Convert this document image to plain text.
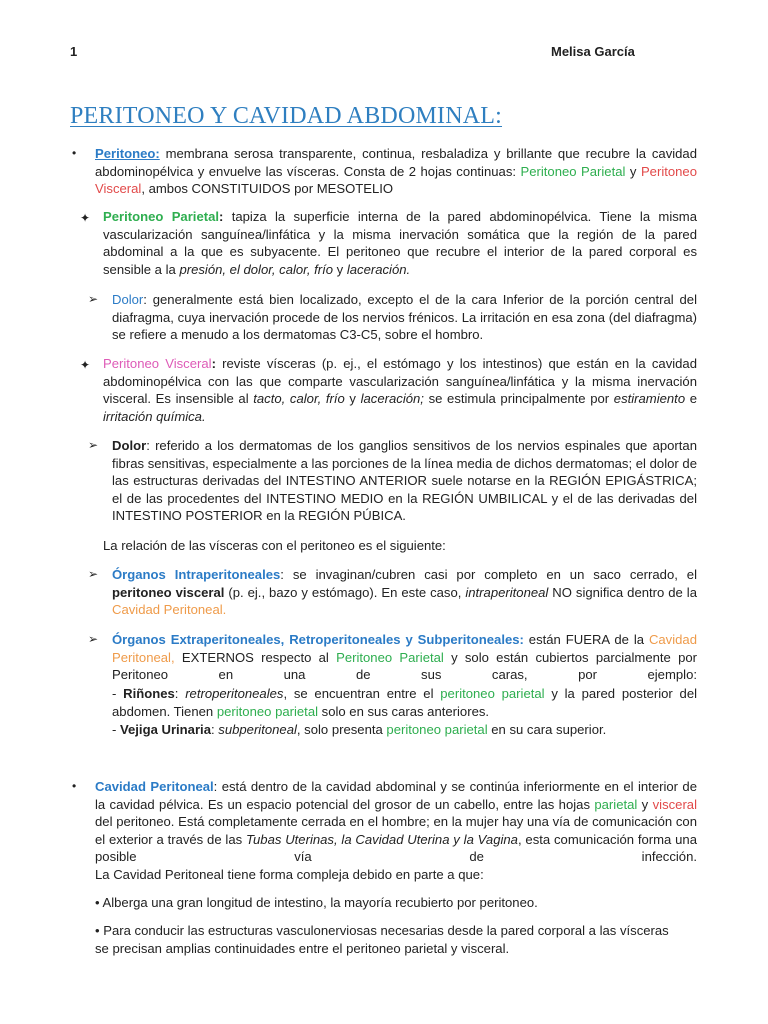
1	Melisa García
PERITONEO Y CAVIDAD ABDOMINAL:
• Peritoneo: membrana serosa transparente, continua, resbaladiza y brillante que recubre la cavidad abdominopélvica y envuelve las vísceras. Consta de 2 hojas continuas: Peritoneo Parietal y Peritoneo Visceral, ambos CONSTITUIDOS por MESOTELIO

✦ Peritoneo Parietal: tapiza la superficie interna de la pared abdominopélvica. Tiene la misma vascularización sanguínea/linfática y la misma inervación somática que la región de la pared abdominal a la que es subyacente. El peritoneo que recubre el interior de la pared corporal es sensible a la presión, el dolor, calor, frío y laceración.

➢ Dolor: generalmente está bien localizado, excepto el de la cara Inferior de la porción central del diafragma, cuya inervación procede de los nervios frénicos. La irritación en esa zona (del diafragma) se refiere a menudo a los dermatomas C3-C5, sobre el hombro.

✦ Peritoneo Visceral: reviste vísceras (p. ej., el estómago y los intestinos) que están en la cavidad abdominopélvica con las que comparte vascularización sanguínea/linfática y la misma inervación visceral. Es insensible al tacto, calor, frío y laceración; se estimula principalmente por estiramiento e irritación química.

➢ Dolor: referido a los dermatomas de los ganglios sensitivos de los nervios espinales que aportan fibras sensitivas, especialmente a las porciones de la línea media de dichos dermatomas; el dolor de las estructuras derivadas del INTESTINO ANTERIOR suele notarse en la REGIÓN EPIGÁSTRICA; el de las procedentes del INTESTINO MEDIO en la REGIÓN UMBILICAL y el de las derivadas del INTESTINO POSTERIOR en la REGIÓN PÚBICA.

La relación de las vísceras con el peritoneo es el siguiente:

➢ Órganos Intraperitoneales: se invaginan/cubren casi por completo en un saco cerrado, el peritoneo visceral (p. ej., bazo y estómago). En este caso, intraperitoneal NO significa dentro de la Cavidad Peritoneal.

➢ Órganos Extraperitoneales, Retroperitoneales y Subperitoneales: están FUERA de la Cavidad Peritoneal, EXTERNOS respecto al Peritoneo Parietal y solo están cubiertos parcialmente por Peritoneo en una de sus caras, por ejemplo:

- Riñones: retroperitoneales, se encuentran entre el peritoneo parietal y la pared posterior del abdomen. Tienen peritoneo parietal solo en sus caras anteriores.

- Vejiga Urinaria: subperitoneal, solo presenta peritoneo parietal en su cara superior.

• Cavidad Peritoneal: está dentro de la cavidad abdominal y se continúa inferiormente en el interior de la cavidad pélvica. Es un espacio potencial del grosor de un cabello, entre las hojas parietal y visceral del peritoneo. Está completamente cerrada en el hombre; en la mujer hay una vía de comunicación con el exterior a través de las Tubas Uterinas, la Cavidad Uterina y la Vagina, esta comunicación forma una posible vía de infección.

La Cavidad Peritoneal tiene forma compleja debido en parte a que:

• Alberga una gran longitud de intestino, la mayoría recubierto por peritoneo.

• Para conducir las estructuras vasculonerviosas necesarias desde la pared corporal a las vísceras se precisan amplias continuidades entre el peritoneo parietal y visceral.
